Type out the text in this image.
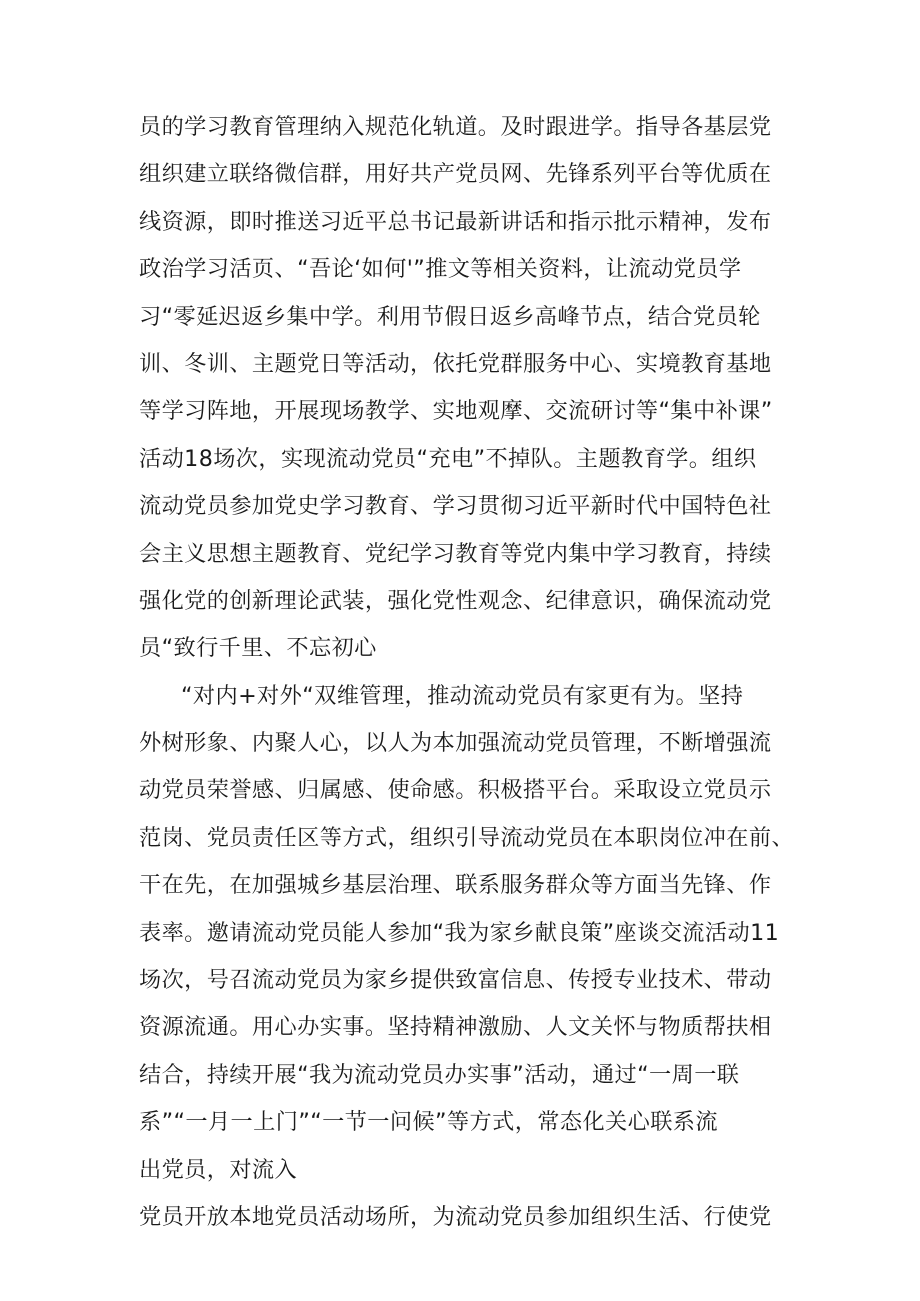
员的学习教育管理纳入规范化轨道。及时跟进学。指导各基层党
组织建立联络微信群，用好共产党员网、先锋系列平台等优质在
线资源，即时推送习近平总书记最新讲话和指示批示精神，发布
政治学习活页、“吾论‘如何'”推文等相关资料，让流动党员学
习“零延迟返乡集中学。利用节假日返乡高峰节点，结合党员轮
训、冬训、主题党日等活动，依托党群服务中心、实境教育基地
等学习阵地，开展现场教学、实地观摩、交流研讨等“集中补课”
活动18场次，实现流动党员“充电”不掉队。主题教育学。组织
流动党员参加党史学习教育、学习贯彻习近平新时代中国特色社
会主义思想主题教育、党纪学习教育等党内集中学习教育，持续
强化党的创新理论武装，强化党性观念、纪律意识，确保流动党
员“致行千里、不忘初心
“对内+对外“双维管理，推动流动党员有家更有为。坚持
外树形象、内聚人心，以人为本加强流动党员管理，不断增强流
动党员荣誉感、归属感、使命感。积极搭平台。采取设立党员示
范岗、党员责任区等方式，组织引导流动党员在本职岗位冲在前、
干在先，在加强城乡基层治理、联系服务群众等方面当先锋、作
表率。邀请流动党员能人参加“我为家乡献良策”座谈交流活动11
场次，号召流动党员为家乡提供致富信息、传授专业技术、带动
资源流通。用心办实事。坚持精神激励、人文关怀与物质帮扶相
结合，持续开展“我为流动党员办实事”活动，通过“一周一联
系”“一月一上门”“一节一问候”等方式，常态化关心联系流
出党员，对流入
党员开放本地党员活动场所，为流动党员参加组织生活、行使党
